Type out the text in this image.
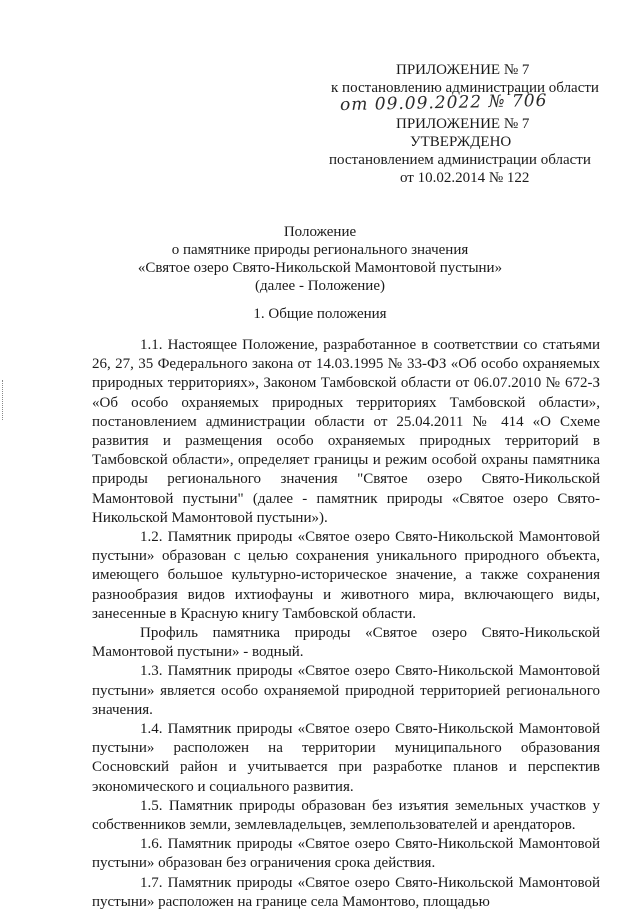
ПРИЛОЖЕНИЕ № 7
к постановлению администрации области
от 09.09.2022 № 706
ПРИЛОЖЕНИЕ № 7
УТВЕРЖДЕНО
постановлением администрации области
от 10.02.2014 № 122
Положение
о памятнике природы регионального значения
«Святое озеро Свято-Никольской Мамонтовой пустыни»
(далее - Положение)
1. Общие положения

1.1. Настоящее Положение, разработанное в соответствии со статьями 26, 27, 35 Федерального закона от 14.03.1995 № 33-ФЗ «Об особо охраняемых природных территориях», Законом Тамбовской области от 06.07.2010 № 672-З «Об особо охраняемых природных территориях Тамбовской области», постановлением администрации области от 25.04.2011 № 414 «О Схеме развития и размещения особо охраняемых природных территорий в Тамбовской области», определяет границы и режим особой охраны памятника природы регионального значения "Святое озеро Свято-Никольской Мамонтовой пустыни" (далее - памятник природы «Святое озеро Свято-Никольской Мамонтовой пустыни»).

1.2. Памятник природы «Святое озеро Свято-Никольской Мамонтовой пустыни» образован с целью сохранения уникального природного объекта, имеющего большое культурно-историческое значение, а также сохранения разнообразия видов ихтиофауны и животного мира, включающего виды, занесенные в Красную книгу Тамбовской области.

Профиль памятника природы «Святое озеро Свято-Никольской Мамонтовой пустыни» - водный.

1.3. Памятник природы «Святое озеро Свято-Никольской Мамонтовой пустыни» является особо охраняемой природной территорией регионального значения.

1.4. Памятник природы «Святое озеро Свято-Никольской Мамонтовой пустыни» расположен на территории муниципального образования Сосновский район и учитывается при разработке планов и перспектив экономического и социального развития.

1.5. Памятник природы образован без изъятия земельных участков у собственников земли, землевладельцев, землепользователей и арендаторов.

1.6. Памятник природы «Святое озеро Свято-Никольской Мамонтовой пустыни» образован без ограничения срока действия.

1.7. Памятник природы «Святое озеро Свято-Никольской Мамонтовой пустыни» расположен на границе села Мамонтово, площадью
